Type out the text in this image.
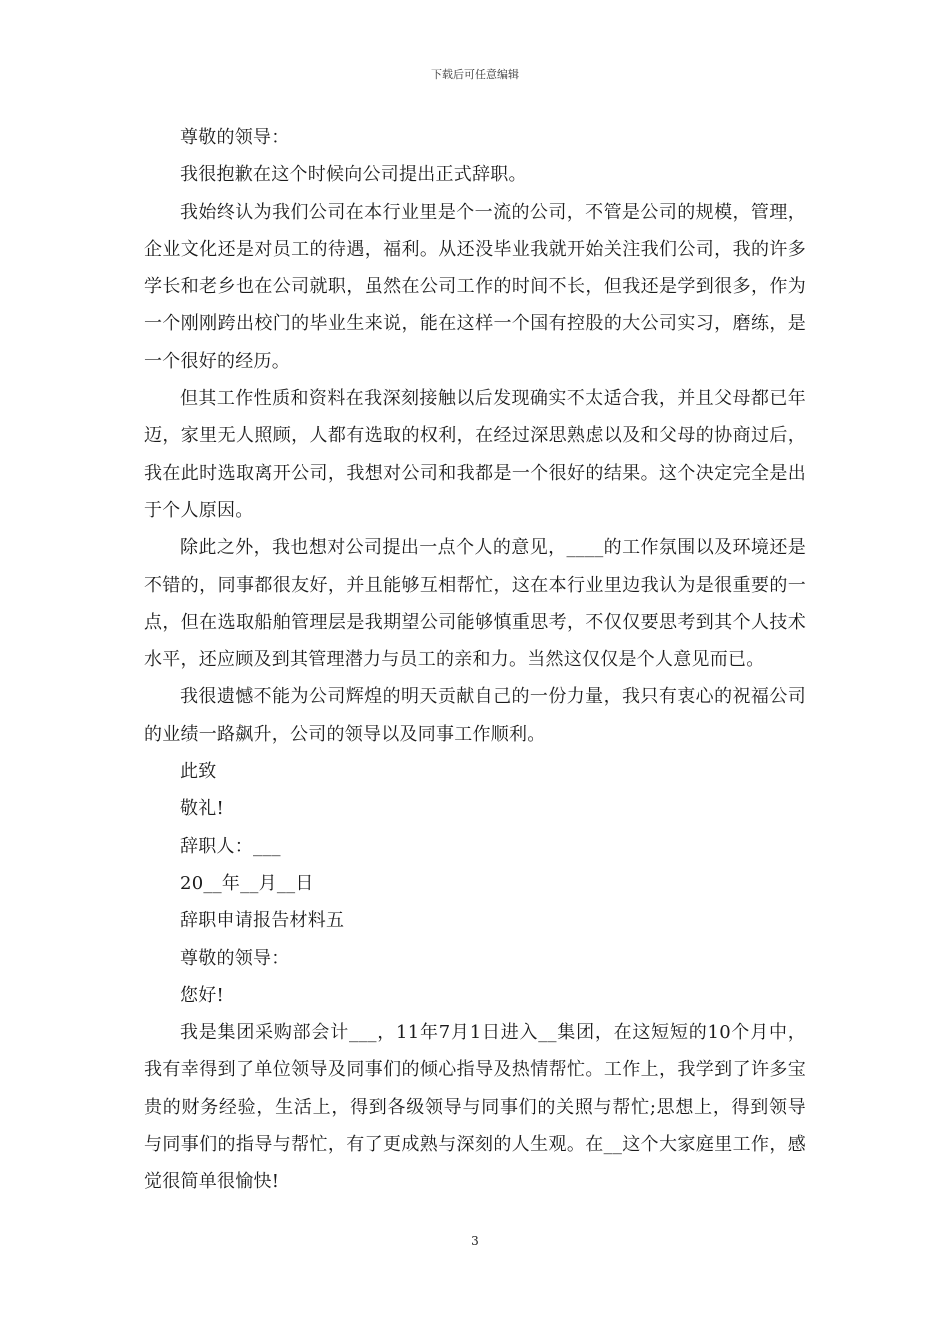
下载后可任意编辑

尊敬的领导：

我很抱歉在这个时候向公司提出正式辞职。

我始终认为我们公司在本行业里是个一流的公司，不管是公司的规模，管理，企业文化还是对员工的待遇，福利。从还没毕业我就开始关注我们公司，我的许多学长和老乡也在公司就职，虽然在公司工作的时间不长，但我还是学到很多，作为一个刚刚跨出校门的毕业生来说，能在这样一个国有控股的大公司实习，磨练，是一个很好的经历。

但其工作性质和资料在我深刻接触以后发现确实不太适合我，并且父母都已年迈，家里无人照顾，人都有选取的权利，在经过深思熟虑以及和父母的协商过后，我在此时选取离开公司，我想对公司和我都是一个很好的结果。这个决定完全是出于个人原因。

除此之外，我也想对公司提出一点个人的意见，____的工作氛围以及环境还是不错的，同事都很友好，并且能够互相帮忙，这在本行业里边我认为是很重要的一点，但在选取船舶管理层是我期望公司能够慎重思考，不仅仅要思考到其个人技术水平，还应顾及到其管理潜力与员工的亲和力。当然这仅仅是个人意见而已。

我很遗憾不能为公司辉煌的明天贡献自己的一份力量，我只有衷心的祝福公司的业绩一路飙升，公司的领导以及同事工作顺利。

此致

敬礼!

辞职人：___

20__年__月__日

辞职申请报告材料五

尊敬的领导：

您好!

我是集团采购部会计___，11年7月1日进入__集团，在这短短的10个月中，我有幸得到了单位领导及同事们的倾心指导及热情帮忙。工作上，我学到了许多宝贵的财务经验，生活上，得到各级领导与同事们的关照与帮忙;思想上，得到领导与同事们的指导与帮忙，有了更成熟与深刻的人生观。在__这个大家庭里工作，感觉很简单很愉快!

3
